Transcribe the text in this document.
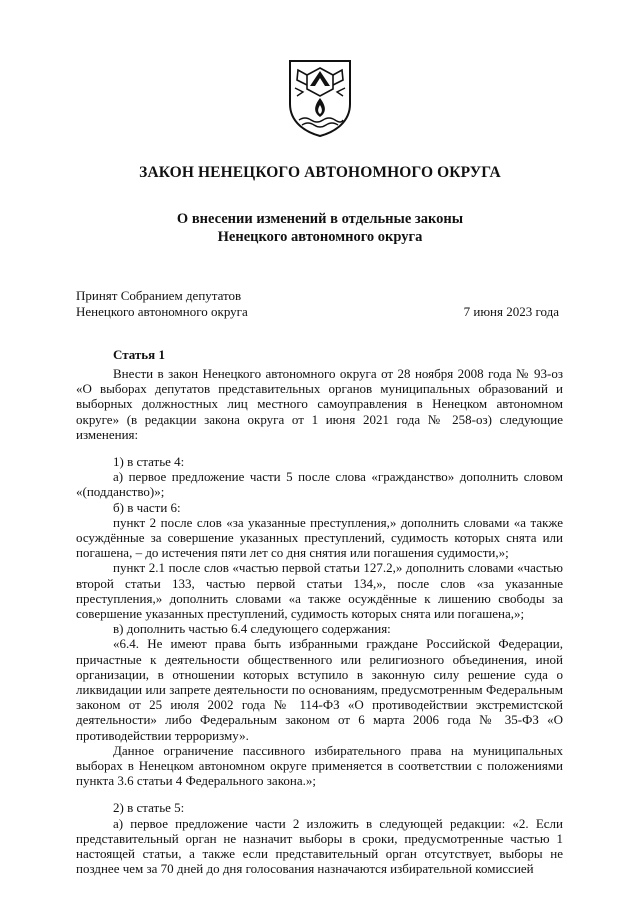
ЗАКОН НЕНЕЦКОГО АВТОНОМНОГО ОКРУГА
О внесении изменений в отдельные законы
Ненецкого автономного округа
Принят Собранием депутатов
Ненецкого автономного округа	7 июня 2023 года
Статья 1

Внести в закон Ненецкого автономного округа от 28 ноября 2008 года № 93-оз «О выборах депутатов представительных органов муниципальных образований и выборных должностных лиц местного самоуправления в Ненецком автономном округе» (в редакции закона округа от 1 июня 2021 года № 258-оз) следующие изменения:

1) в статье 4:

а) первое предложение части 5 после слова «гражданство» дополнить словом «(подданство)»;

б) в части 6:

пункт 2 после слов «за указанные преступления,» дополнить словами «а также осуждённые за совершение указанных преступлений, судимость которых снята или погашена, – до истечения пяти лет со дня снятия или погашения судимости,»;

пункт 2.1 после слов «частью первой статьи 127.2,» дополнить словами «частью второй статьи 133, частью первой статьи 134,», после слов «за указанные преступления,» дополнить словами «а также осуждённые к лишению свободы за совершение указанных преступлений, судимость которых снята или погашена,»;

в) дополнить частью 6.4 следующего содержания:

«6.4. Не имеют права быть избранными граждане Российской Федерации, причастные к деятельности общественного или религиозного объединения, иной организации, в отношении которых вступило в законную силу решение суда о ликвидации или запрете деятельности по основаниям, предусмотренным Федеральным законом от 25 июля 2002 года № 114-ФЗ «О противодействии экстремистской деятельности» либо Федеральным законом от 6 марта 2006 года № 35-ФЗ «О противодействии терроризму».

Данное ограничение пассивного избирательного права на муниципальных выборах в Ненецком автономном округе применяется в соответствии с положениями пункта 3.6 статьи 4 Федерального закона.»;

2) в статье 5:

а) первое предложение части 2 изложить в следующей редакции: «2. Если представительный орган не назначит выборы в сроки, предусмотренные частью 1 настоящей статьи, а также если представительный орган отсутствует, выборы не позднее чем за 70 дней до дня голосования назначаются избирательной комиссией
